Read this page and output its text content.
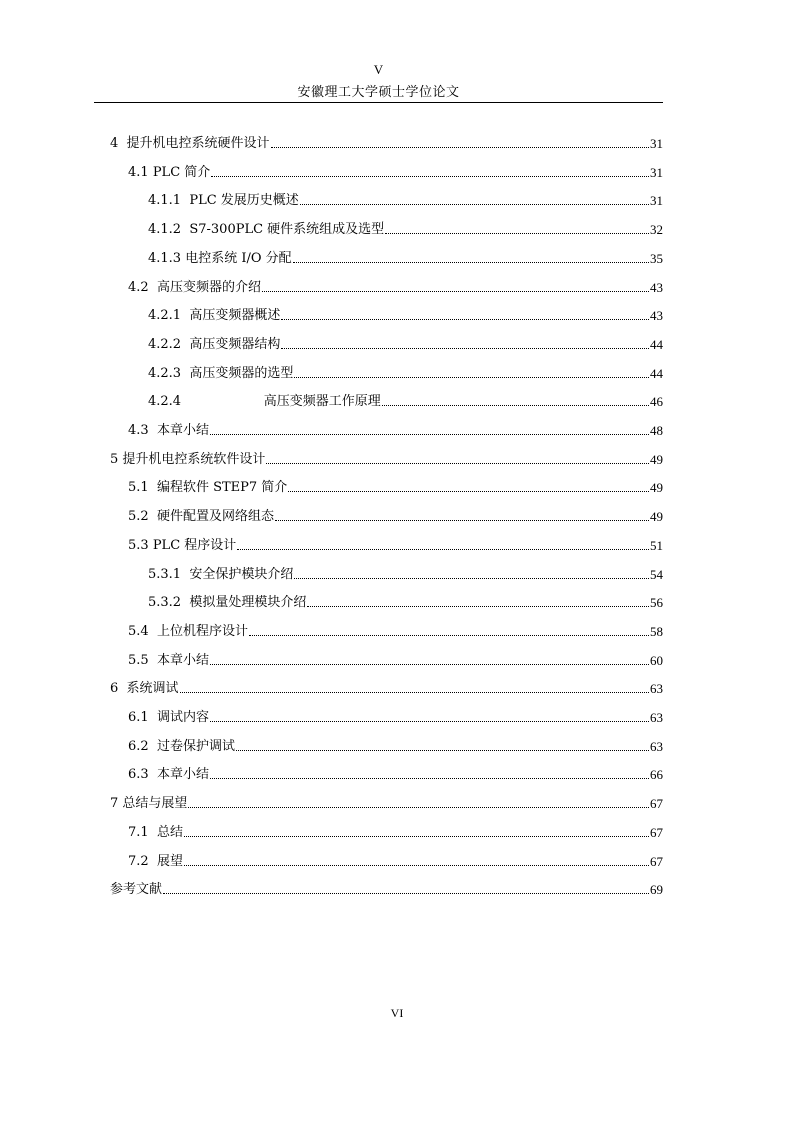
V
安徽理工大学硕士学位论文
4 提升机电控系统硬件设计	31
4.1 PLC 简介	31
4.1.1 PLC 发展历史概述	31
4.1.2 S7-300PLC 硬件系统组成及选型	32
4.1.3 电控系统 I/O 分配	35
4.2 高压变频器的介绍	43
4.2.1 高压变频器概述	43
4.2.2 高压变频器结构	44
4.2.3 高压变频器的选型	44
4.2.4 高压变频器工作原理	46
4.3 本章小结	48
5 提升机电控系统软件设计	49
5.1 编程软件 STEP7 简介	49
5.2 硬件配置及网络组态	49
5.3 PLC 程序设计	51
5.3.1 安全保护模块介绍	54
5.3.2 模拟量处理模块介绍	56
5.4 上位机程序设计	58
5.5 本章小结	60
6 系统调试	63
6.1 调试内容	63
6.2 过卷保护调试	63
6.3 本章小结	66
7 总结与展望	67
7.1 总结	67
7.2 展望	67
参考文献	69
VI
